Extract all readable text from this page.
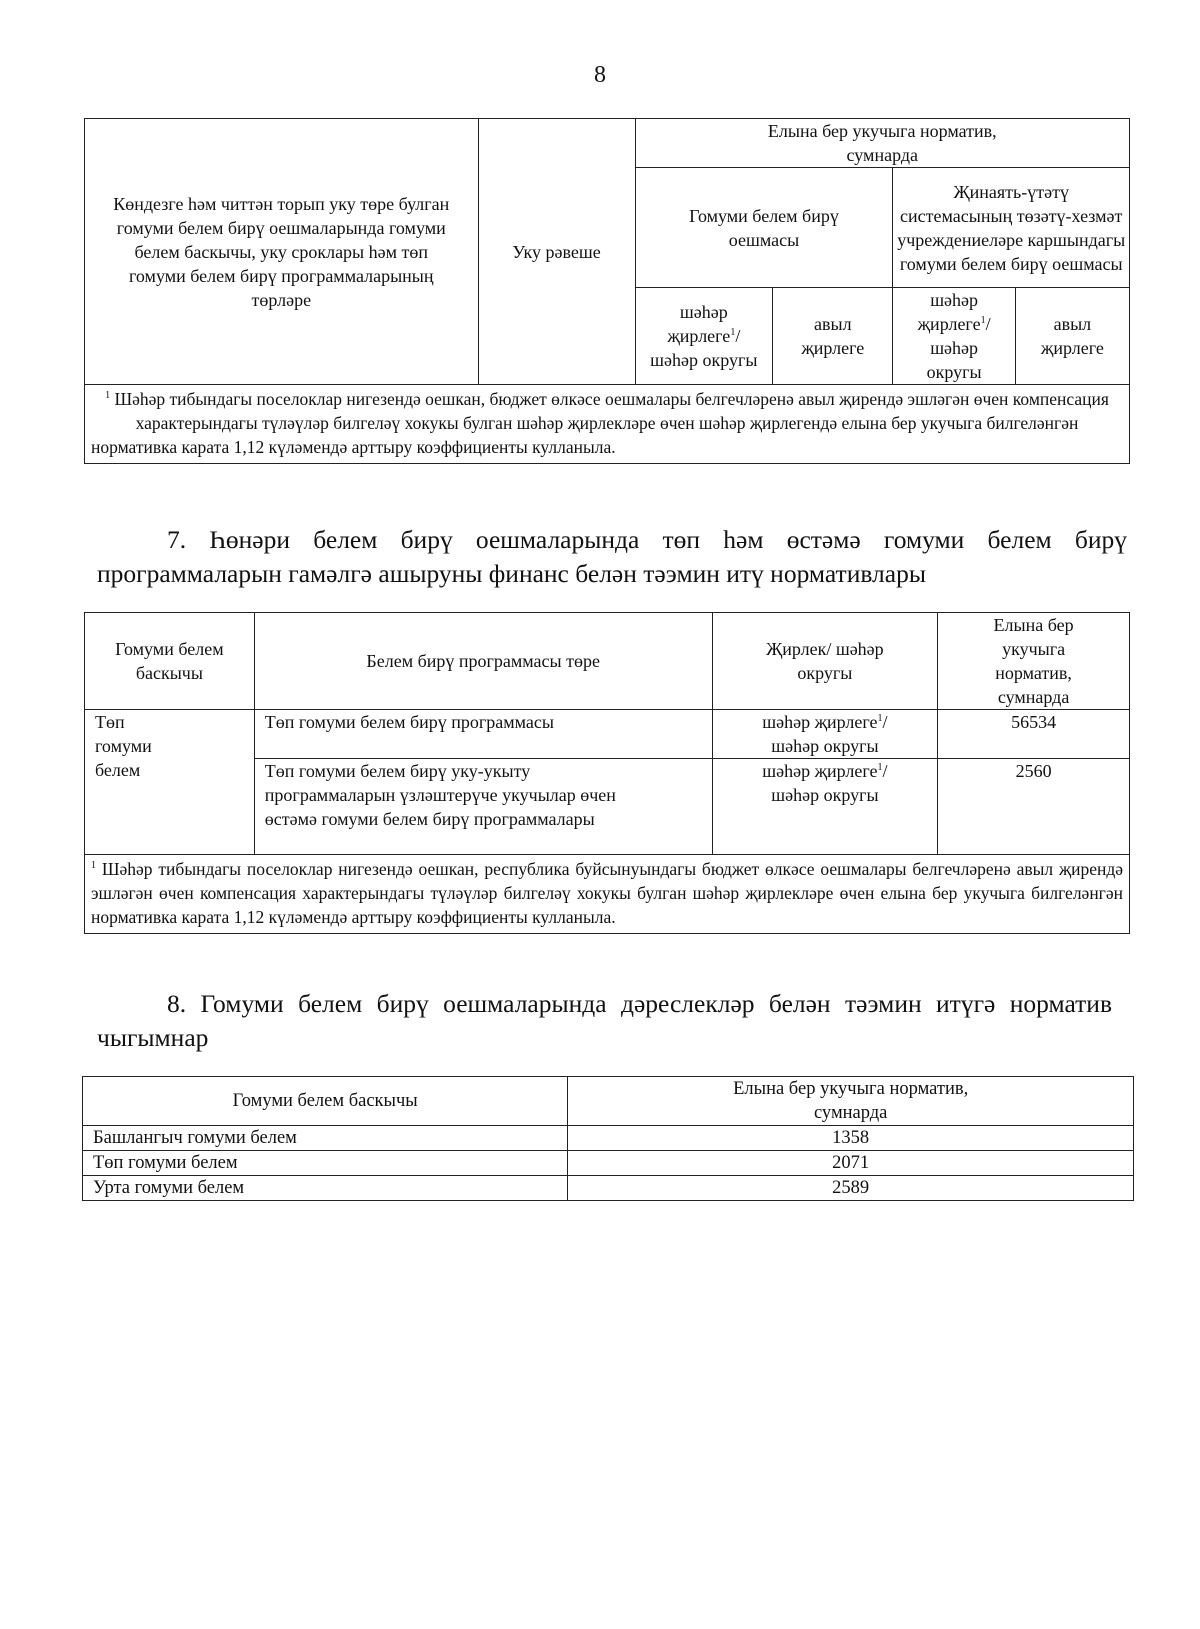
8
Көндезге һәм читтән торып уку төре булган гомуми белем бирү оешмаларында гомуми белем баскычы, уку сроклары һәм төп гомуми белем бирү программаларының төрләре	Уку рәвеше	Елына бер укучыга норматив, сумнарда			
		Гомуми белем бирү оешмасы		Җинаять-үтәтү системасының төзәтү-хезмәт учреждениеләре каршындагы гомуми белем бирү оешмасы	
		шәһәр җирлеге$^1$/ шәһәр округы	авыл җирлеге	шәһәр җирлеге$^1$/ шәһәр округы	авыл җирлеге
$^1$ Шәһәр тибындагы поселоклар нигезендә оешкан, бюджет өлкәсе оешмалары белгечләренә авыл җирендә эшләгән өчен компенсация характерындагы түләүләр билгеләү хокукы булган шәһәр җирлекләре өчен шәһәр җирлегендә елына бер укучыга билгеләнгән нормативка карата 1,12 күләмендә арттыру коэффициенты кулланыла.					
7. Һөнәри белем бирү оешмаларында төп һәм өстәмә гомуми белем бирү программаларын гамәлгә ашыруны финанс белән тәэмин итү нормативлары
Гомуми белем баскычы	Белем бирү программасы төре	Җирлек/ шәһәр округы	Елына бер укучыга норматив, сумнарда

Төп гомуми белем	Төп гомуми белем бирү программасы	шәһәр җирлеге$^1$/ шәһәр округы	56534

	Төп гомуми белем бирү уку-укыту программаларын үзләштерүче укучылар өчен өстәмә гомуми белем бирү программалары	шәһәр җирлеге$^1$/ шәһәр округы	2560
$^1$ Шәһәр тибындагы поселоклар нигезендә оешкан, республика буйсынуындагы бюджет өлкәсе оешмалары белгечләренә авыл җирендә эшләгән өчен компенсация характерындагы түләүләр билгеләү хокукы булган шәһәр җирлекләре өчен елына бер укучыга билгеләнгән нормативка карата 1,12 күләмендә арттыру коэффициенты кулланыла.			
8. Гомуми белем бирү оешмаларында дәреслекләр белән тәэмин итүгә норматив чыгымнар
Гомуми белем баскычы	Елына бер укучыга норматив, сумнарда
Башлангыч гомуми белем	1358
Төп гомуми белем	2071
Урта гомуми белем	2589
